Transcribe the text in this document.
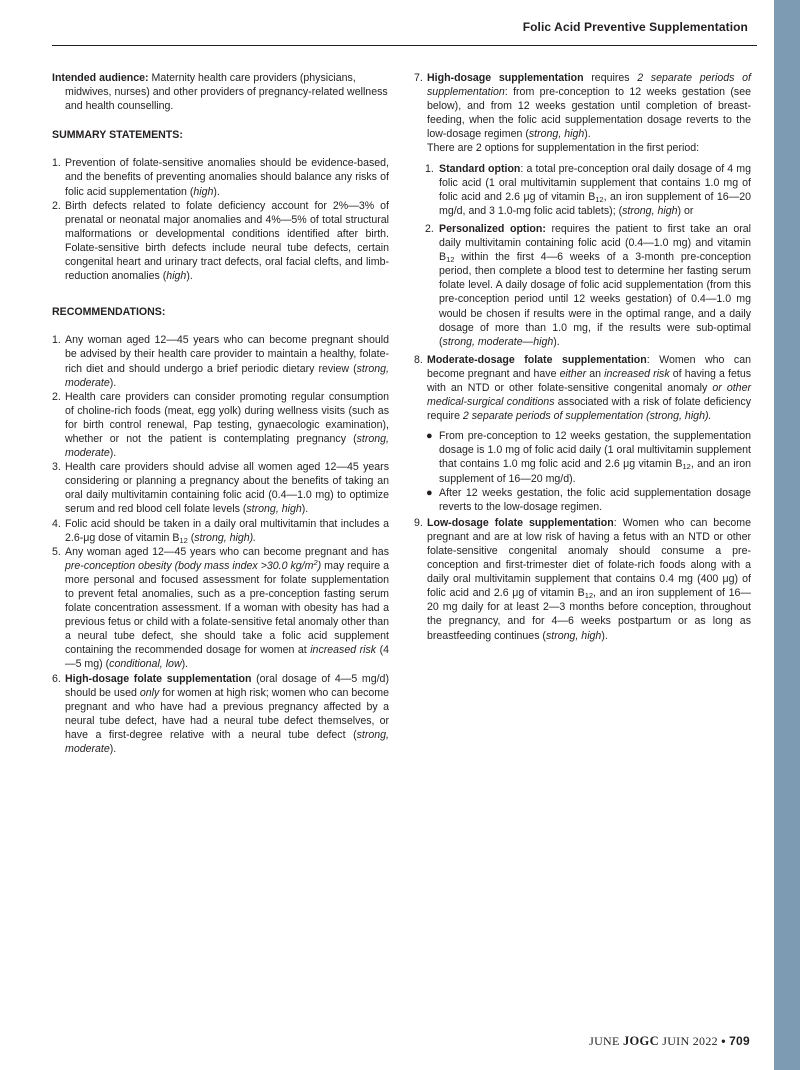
Folic Acid Preventive Supplementation

Intended audience: Maternity health care providers (physicians, midwives, nurses) and other providers of pregnancy-related wellness and health counselling.

SUMMARY STATEMENTS:
1. Prevention of folate-sensitive anomalies should be evidence-based, and the benefits of preventing anomalies should balance any risks of folic acid supplementation (high).
2. Birth defects related to folate deficiency account for 2%—3% of prenatal or neonatal major anomalies and 4%—5% of total structural malformations or developmental conditions identified after birth. Folate-sensitive birth defects include neural tube defects, certain congenital heart and urinary tract defects, oral facial clefts, and limb-reduction anomalies (high).
RECOMMENDATIONS:
1. Any woman aged 12—45 years who can become pregnant should be advised by their health care provider to maintain a healthy, folate-rich diet and should undergo a brief periodic dietary review (strong, moderate).
2. Health care providers can consider promoting regular consumption of choline-rich foods (meat, egg yolk) during wellness visits (such as for birth control renewal, Pap testing, gynaecologic examination), whether or not the patient is contemplating pregnancy (strong, moderate).
3. Health care providers should advise all women aged 12—45 years considering or planning a pregnancy about the benefits of taking an oral daily multivitamin containing folic acid (0.4—1.0 mg) to optimize serum and red blood cell folate levels (strong, high).
4. Folic acid should be taken in a daily oral multivitamin that includes a 2.6-μg dose of vitamin $B_{12}$ (strong, high).
5. Any woman aged 12—45 years who can become pregnant and has pre-conception obesity (body mass index >30.0 $kg/m^2$) may require a more personal and focused assessment for folate supplementation to prevent fetal anomalies, such as a pre-conception fasting serum folate concentration assessment. If a woman with obesity has had a previous fetus or child with a folate-sensitive fetal anomaly other than a neural tube defect, she should take a folic acid supplement containing the recommended dosage for women at increased risk (4—5 mg) (conditional, low).
6. High-dosage folate supplementation (oral dosage of 4—5 mg/d) should be used only for women at high risk; women who can become pregnant and who have had a previous pregnancy affected by a neural tube defect, have had a neural tube defect themselves, or have a first-degree relative with a neural tube defect (strong, moderate).
7. High-dosage supplementation requires 2 separate periods of supplementation: from pre-conception to 12 weeks gestation (see below), and from 12 weeks gestation until completion of breast-feeding, when the folic acid supplementation dosage reverts to the low-dosage regimen (strong, high).
There are 2 options for supplementation in the first period:
1. Standard option: a total pre-conception oral daily dosage of 4 mg folic acid (1 oral multivitamin supplement that contains 1.0 mg of folic acid and 2.6 μg of vitamin $B_{12}$, an iron supplement of 16—20 mg/d, and 3 1.0-mg folic acid tablets); (strong, high) or
2. Personalized option: requires the patient to first take an oral daily multivitamin containing folic acid (0.4—1.0 mg) and vitamin $B_{12}$ within the first 4—6 weeks of a 3-month pre-conception period, then complete a blood test to determine her fasting serum folate level. A daily dosage of folic acid supplementation (from this pre-conception period until 12 weeks gestation) of 0.4—1.0 mg would be chosen if results were in the optimal range, and a daily dosage of more than 1.0 mg, if the results were sub-optimal (strong, moderate—high).
8. Moderate-dosage folate supplementation: Women who can become pregnant and have either an increased risk of having a fetus with an NTD or other folate-sensitive congenital anomaly or other medical-surgical conditions associated with a risk of folate deficiency require 2 separate periods of supplementation (strong, high).
● From pre-conception to 12 weeks gestation, the supplementation dosage is 1.0 mg of folic acid daily (1 oral multivitamin supplement that contains 1.0 mg folic acid and 2.6 μg vitamin $B_{12}$, and an iron supplement of 16—20 mg/d).
● After 12 weeks gestation, the folic acid supplementation dosage reverts to the low-dosage regimen.
9. Low-dosage folate supplementation: Women who can become pregnant and are at low risk of having a fetus with an NTD or other folate-sensitive congenital anomaly should consume a pre-conception and first-trimester diet of folate-rich foods along with a daily oral multivitamin supplement that contains 0.4 mg (400 μg) of folic acid and 2.6 μg of vitamin $B_{12}$, and an iron supplement of 16—20 mg daily for at least 2—3 months before conception, throughout the pregnancy, and for 4—6 weeks postpartum or as long as breastfeeding continues (strong, high).
JUNE JOGC JUIN 2022 • 709
